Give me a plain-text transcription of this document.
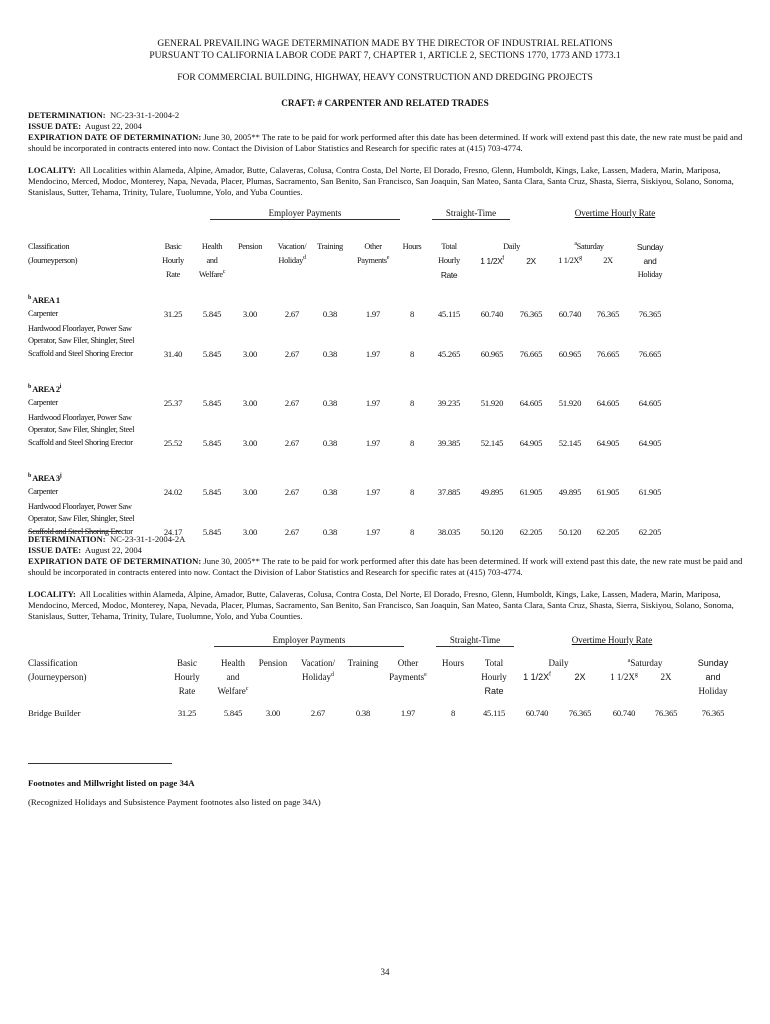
GENERAL PREVAILING WAGE DETERMINATION MADE BY THE DIRECTOR OF INDUSTRIAL RELATIONS
PURSUANT TO CALIFORNIA LABOR CODE PART 7, CHAPTER 1, ARTICLE 2, SECTIONS 1770, 1773 AND 1773.1
FOR COMMERCIAL BUILDING, HIGHWAY, HEAVY CONSTRUCTION AND DREDGING PROJECTS
CRAFT: # CARPENTER AND RELATED TRADES
DETERMINATION: NC-23-31-1-2004-2
ISSUE DATE: August 22, 2004
EXPIRATION DATE OF DETERMINATION: June 30, 2005** The rate to be paid for work performed after this date has been determined. If work will extend past this date, the new rate must be paid and should be incorporated in contracts entered into now. Contact the Division of Labor Statistics and Research for specific rates at (415) 703-4774.
LOCALITY: All Localities within Alameda, Alpine, Amador, Butte, Calaveras, Colusa, Contra Costa, Del Norte, El Dorado, Fresno, Glenn, Humboldt, Kings, Lake, Lassen, Madera, Marin, Mariposa, Mendocino, Merced, Modoc, Monterey, Napa, Nevada, Placer, Plumas, Sacramento, San Benito, San Francisco, San Joaquin, San Mateo, Santa Clara, Santa Cruz, Shasta, Sierra, Siskiyou, Solano, Sonoma, Stanislaus, Sutter, Tehama, Trinity, Tulare, Tuolumne, Yolo, and Yuba Counties.
Employer Payments	Straight-Time	Overtime Hourly Rate
Classification
(Journeyperson)
Basic
Hourly
Rate
Health
and
Welfare$^c$
Pension	Vacation/
Holiday$^d$
Training	Other
Payments$^e$
Hours	Total
Hourly
Rate
Daily
1 $1/2X^f$	2X
$^a$Saturday
1 $1/2X^g$	2X
Sunday
and
Holiday
$^b$ AREA 1
Carpenter	31.25	5.845	3.00	2.67	0.38	1.97	8	45.115	60.740	76.365	60.740	76.365	76.365
Hardwood Floorlayer, Power Saw
Operator, Saw Filer, Shingler, Steel
Scaffold and Steel Shoring Erector	31.40	5.845	3.00	2.67	0.38	1.97	8	45.265	60.965	76.665	60.965	76.665	76.665
$^b$ AREA 2$^i$
Carpenter	25.37	5.845	3.00	2.67	0.38	1.97	8	39.235	51.920	64.605	51.920	64.605	64.605
Hardwood Floorlayer, Power Saw
Operator, Saw Filer, Shingler, Steel
Scaffold and Steel Shoring Erector	25.52	5.845	3.00	2.67	0.38	1.97	8	39.385	52.145	64.905	52.145	64.905	64.905
$^b$ AREA 3$^j$
Carpenter	24.02	5.845	3.00	2.67	0.38	1.97	8	37.885	49.895	61.905	49.895	61.905	61.905
Hardwood Floorlayer, Power Saw
Operator, Saw Filer, Shingler, Steel
Scaffold and Steel Shoring Erector	24.17	5.845	3.00	2.67	0.38	1.97	8	38.035	50.120	62.205	50.120	62.205	62.205
DETERMINATION: NC-23-31-1-2004-2A
ISSUE DATE: August 22, 2004
EXPIRATION DATE OF DETERMINATION: June 30, 2005** The rate to be paid for work performed after this date has been determined. If work will extend past this date, the new rate must be paid and should be incorporated in contracts entered into now. Contact the Division of Labor Statistics and Research for specific rates at (415) 703-4774.
LOCALITY: All Localities within Alameda, Alpine, Amador, Butte, Calaveras, Colusa, Contra Costa, Del Norte, El Dorado, Fresno, Glenn, Humboldt, Kings, Lake, Lassen, Madera, Marin, Mariposa, Mendocino, Merced, Modoc, Monterey, Napa, Nevada, Placer, Plumas, Sacramento, San Benito, San Francisco, San Joaquin, San Mateo, Santa Clara, Santa Cruz, Shasta, Sierra, Siskiyou, Solano, Sonoma, Stanislaus, Sutter, Tehama, Trinity, Tulare, Tuolumne, Yolo, and Yuba Counties.
Employer Payments	Straight-Time	Overtime Hourly Rate
Classification
(Journeyperson)
Basic
Hourly
Rate
Health
and
Welfare$^c$
Pension	Vacation/
Holiday$^d$
Training	Other
Payments$^e$
Hours	Total
Hourly
Rate
Daily
1 $1/2X^f$	2X
$^a$Saturday
1 $1/2X^g$	2X
Sunday
and
Holiday
Bridge Builder	31.25	5.845	3.00	2.67	0.38	1.97	8	45.115	60.740	76.365	60.740	76.365	76.365
Footnotes and Millwright listed on page 34A
(Recognized Holidays and Subsistence Payment footnotes also listed on page 34A)
34
